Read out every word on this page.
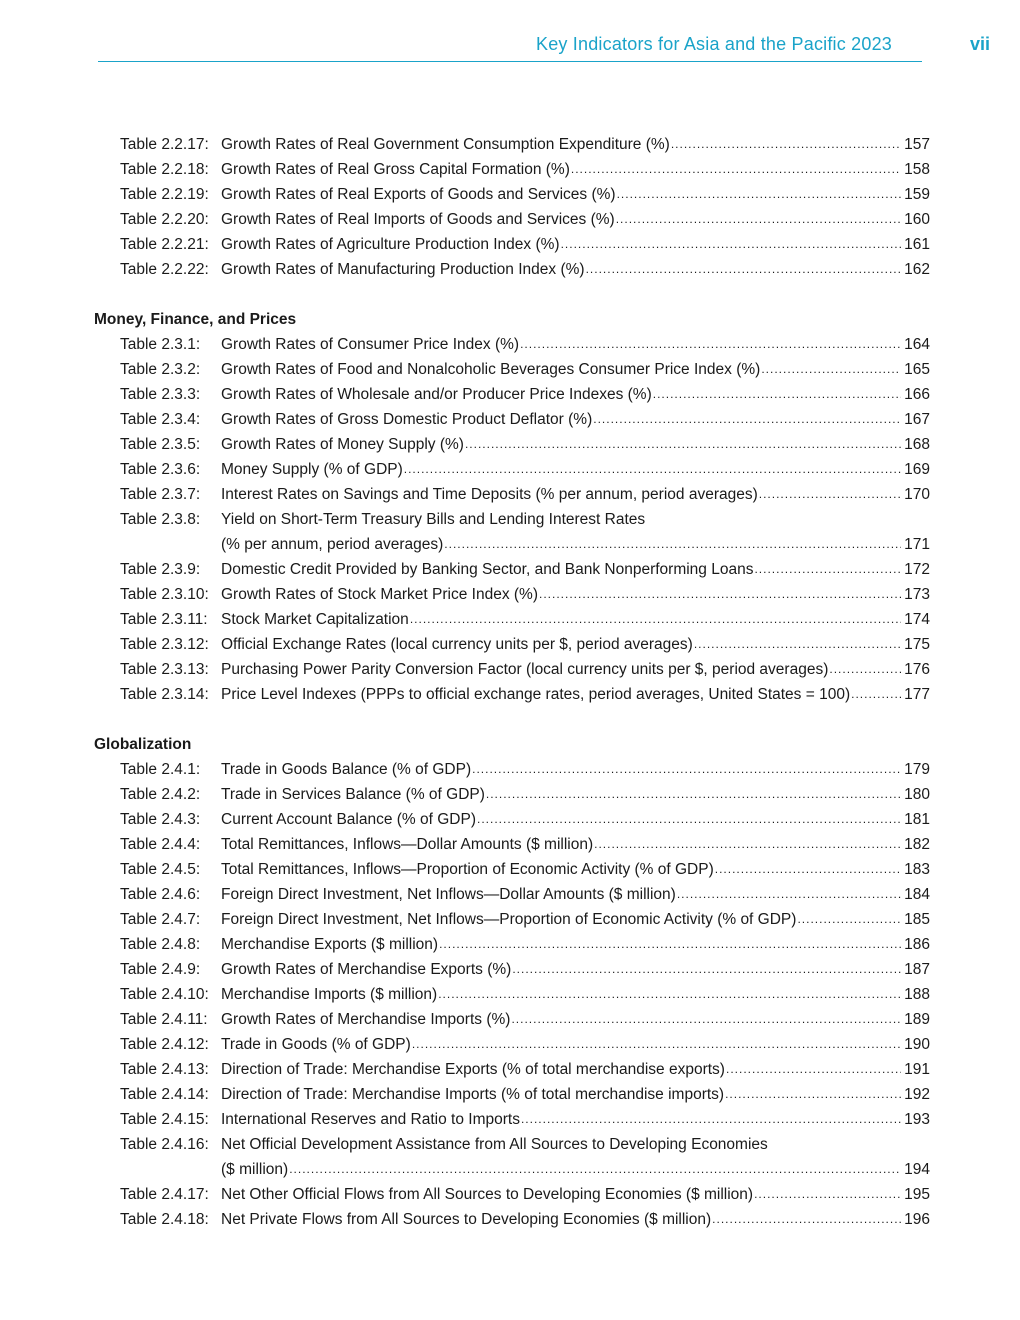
Key Indicators for Asia and the Pacific 2023	vii
Table 2.2.17: Growth Rates of Real Government Consumption Expenditure (%) .....	157
Table 2.2.18: Growth Rates of Real Gross Capital Formation (%) .....	158
Table 2.2.19: Growth Rates of Real Exports of Goods and Services (%) .....	159
Table 2.2.20: Growth Rates of Real Imports of Goods and Services (%) .....	160
Table 2.2.21: Growth Rates of Agriculture Production Index (%) .....	161
Table 2.2.22: Growth Rates of Manufacturing Production Index (%) .....	162
Money, Finance, and Prices
Table 2.3.1:	Growth Rates of Consumer Price Index (%) .....	164
Table 2.3.2:	Growth Rates of Food and Nonalcoholic Beverages Consumer Price Index (%) .....	165
Table 2.3.3:	Growth Rates of Wholesale and/or Producer Price Indexes (%) .....	166
Table 2.3.4:	Growth Rates of Gross Domestic Product Deflator (%) .....	167
Table 2.3.5:	Growth Rates of Money Supply (%) .....	168
Table 2.3.6:	Money Supply (% of GDP) .....	169
Table 2.3.7:	Interest Rates on Savings and Time Deposits (% per annum, period averages) .....	170
Table 2.3.8:	Yield on Short-Term Treasury Bills and Lending Interest Rates
(% per annum, period averages) .....	171
Table 2.3.9:	Domestic Credit Provided by Banking Sector, and Bank Nonperforming Loans .....	172
Table 2.3.10: Growth Rates of Stock Market Price Index (%) .....	173
Table 2.3.11: Stock Market Capitalization .....	174
Table 2.3.12: Official Exchange Rates (local currency units per $, period averages) .....	175
Table 2.3.13: Purchasing Power Parity Conversion Factor (local currency units per $, period averages) .....	176
Table 2.3.14: Price Level Indexes (PPPs to official exchange rates, period averages, United States = 100) .....	177
Globalization
Table 2.4.1:	Trade in Goods Balance (% of GDP) .....	179
Table 2.4.2:	Trade in Services Balance (% of GDP) .....	180
Table 2.4.3:	Current Account Balance (% of GDP) .....	181
Table 2.4.4:	Total Remittances, Inflows—Dollar Amounts ($ million) .....	182
Table 2.4.5:	Total Remittances, Inflows—Proportion of Economic Activity (% of GDP) .....	183
Table 2.4.6:	Foreign Direct Investment, Net Inflows—Dollar Amounts ($ million) .....	184
Table 2.4.7:	Foreign Direct Investment, Net Inflows—Proportion of Economic Activity (% of GDP) .....	185
Table 2.4.8:	Merchandise Exports ($ million) .....	186
Table 2.4.9:	Growth Rates of Merchandise Exports (%) .....	187
Table 2.4.10: Merchandise Imports ($ million) .....	188
Table 2.4.11: Growth Rates of Merchandise Imports (%) .....	189
Table 2.4.12: Trade in Goods (% of GDP) .....	190
Table 2.4.13: Direction of Trade: Merchandise Exports (% of total merchandise exports) .....	191
Table 2.4.14: Direction of Trade: Merchandise Imports (% of total merchandise imports) .....	192
Table 2.4.15: International Reserves and Ratio to Imports .....	193
Table 2.4.16: Net Official Development Assistance from All Sources to Developing Economies
($ million) .....	194
Table 2.4.17: Net Other Official Flows from All Sources to Developing Economies ($ million) .....	195
Table 2.4.18: Net Private Flows from All Sources to Developing Economies ($ million) .....	196
